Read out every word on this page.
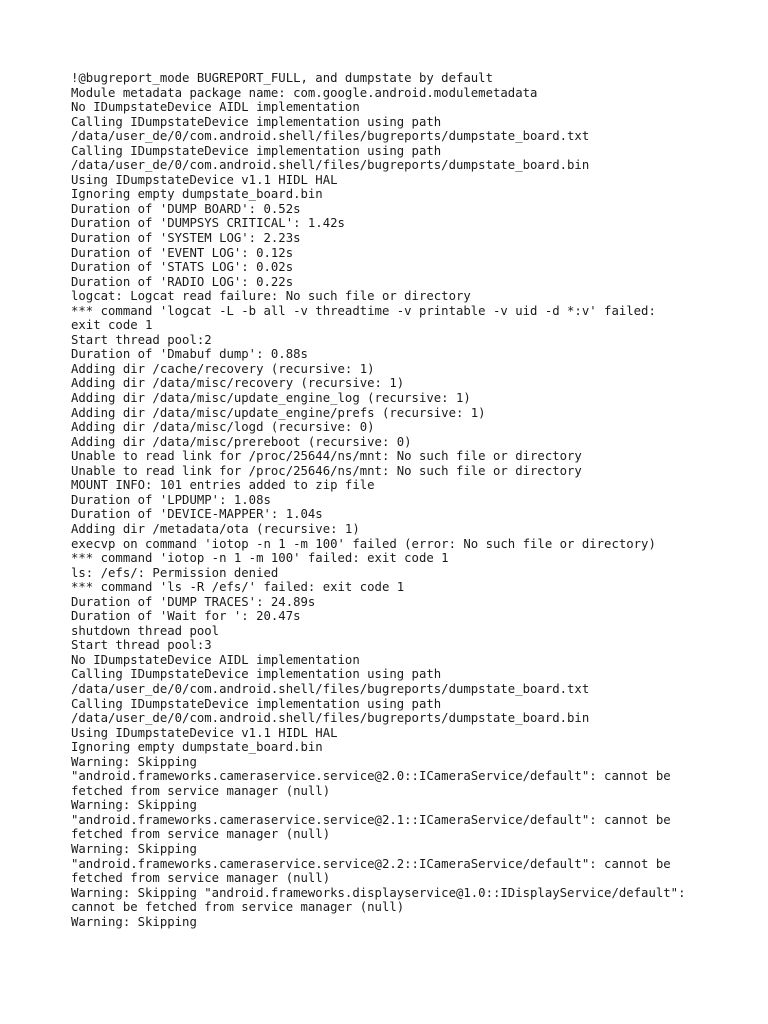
!@bugreport_mode BUGREPORT_FULL, and dumpstate by default
Module metadata package name: com.google.android.modulemetadata
No IDumpstateDevice AIDL implementation
Calling IDumpstateDevice implementation using path
/data/user_de/0/com.android.shell/files/bugreports/dumpstate_board.txt
Calling IDumpstateDevice implementation using path
/data/user_de/0/com.android.shell/files/bugreports/dumpstate_board.bin
Using IDumpstateDevice v1.1 HIDL HAL
Ignoring empty dumpstate_board.bin
Duration of 'DUMP BOARD': 0.52s
Duration of 'DUMPSYS CRITICAL': 1.42s
Duration of 'SYSTEM LOG': 2.23s
Duration of 'EVENT LOG': 0.12s
Duration of 'STATS LOG': 0.02s
Duration of 'RADIO LOG': 0.22s
logcat: Logcat read failure: No such file or directory
*** command 'logcat -L -b all -v threadtime -v printable -v uid -d *:v' failed:
exit code 1
Start thread pool:2
Duration of 'Dmabuf dump': 0.88s
Adding dir /cache/recovery (recursive: 1)
Adding dir /data/misc/recovery (recursive: 1)
Adding dir /data/misc/update_engine_log (recursive: 1)
Adding dir /data/misc/update_engine/prefs (recursive: 1)
Adding dir /data/misc/logd (recursive: 0)
Adding dir /data/misc/prereboot (recursive: 0)
Unable to read link for /proc/25644/ns/mnt: No such file or directory
Unable to read link for /proc/25646/ns/mnt: No such file or directory
MOUNT INFO: 101 entries added to zip file
Duration of 'LPDUMP': 1.08s
Duration of 'DEVICE-MAPPER': 1.04s
Adding dir /metadata/ota (recursive: 1)
execvp on command 'iotop -n 1 -m 100' failed (error: No such file or directory)
*** command 'iotop -n 1 -m 100' failed: exit code 1
ls: /efs/: Permission denied
*** command 'ls -R /efs/' failed: exit code 1
Duration of 'DUMP TRACES': 24.89s
Duration of 'Wait for ': 20.47s
shutdown thread pool
Start thread pool:3
No IDumpstateDevice AIDL implementation
Calling IDumpstateDevice implementation using path
/data/user_de/0/com.android.shell/files/bugreports/dumpstate_board.txt
Calling IDumpstateDevice implementation using path
/data/user_de/0/com.android.shell/files/bugreports/dumpstate_board.bin
Using IDumpstateDevice v1.1 HIDL HAL
Ignoring empty dumpstate_board.bin
Warning: Skipping
"android.frameworks.cameraservice.service@2.0::ICameraService/default": cannot be
fetched from service manager (null)
Warning: Skipping
"android.frameworks.cameraservice.service@2.1::ICameraService/default": cannot be
fetched from service manager (null)
Warning: Skipping
"android.frameworks.cameraservice.service@2.2::ICameraService/default": cannot be
fetched from service manager (null)
Warning: Skipping "android.frameworks.displayservice@1.0::IDisplayService/default":
cannot be fetched from service manager (null)
Warning: Skipping
